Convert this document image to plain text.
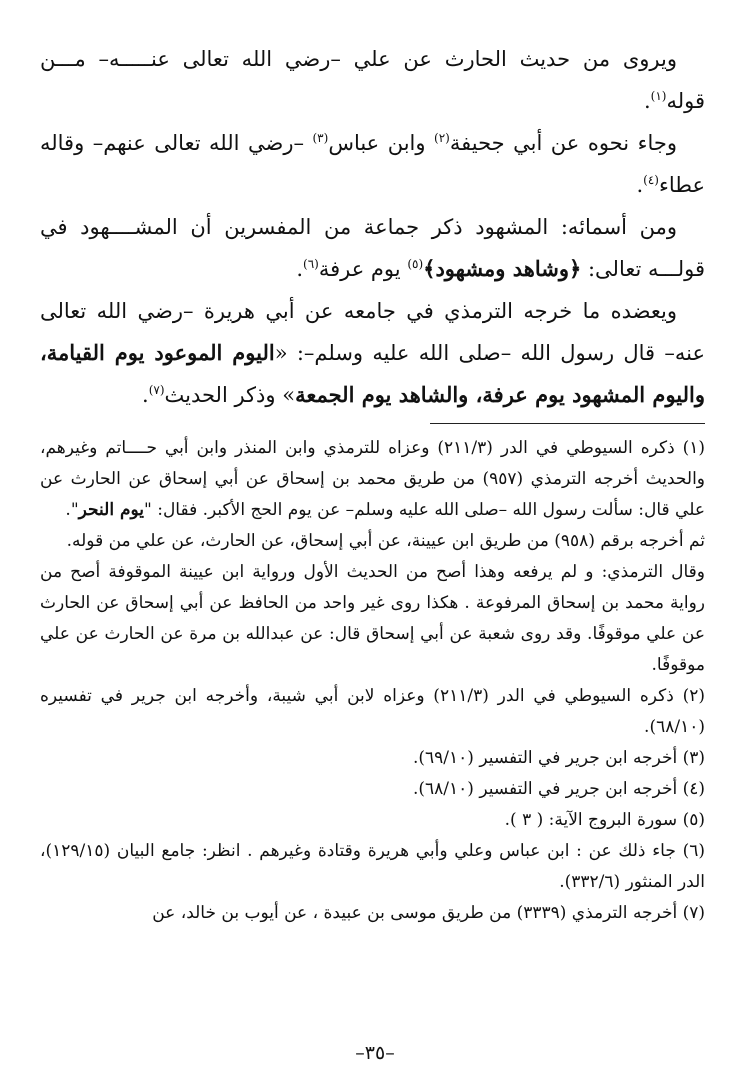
ويروى من حديث الحارث عن علي –رضي الله تعالى عنـــــه– مـــن قوله$^{(١)}$.

وجاء نحوه عن أبي جحيفة$^{(٢)}$ وابن عباس$^{(٣)}$ –رضي الله تعالى عنهم– وقاله عطاء$^{(٤)}$.

ومن أسمائه: المشهود ذكر جماعة من المفسرين أن المشــــهود في قولـــه تعالى: ﴿وشاهد ومشهود﴾$^{(٥)}$ يوم عرفة$^{(٦)}$.

ويعضده ما خرجه الترمذي في جامعه عن أبي هريرة –رضي الله تعالى عنه– قال رسول الله –صلى الله عليه وسلم–: «اليوم الموعود يوم القيامة، واليوم المشهود يوم عرفة، والشاهد يوم الجمعة» وذكر الحديث$^{(٧)}$.

(١) ذكره السيوطي في الدر (٢١١/٣) وعزاه للترمذي وابن المنذر وابن أبي حــــاتم وغيرهم، والحديث أخرجه الترمذي (٩٥٧) من طريق محمد بن إسحاق عن أبي إسحاق عن الحارث عن علي قال: سألت رسول الله –صلى الله عليه وسلم– عن يوم الحج الأكبر. فقال: "يوم النحر".

ثم أخرجه برقم (٩٥٨) من طريق ابن عيينة، عن أبي إسحاق، عن الحارث، عن علي من قوله.

وقال الترمذي: و لم يرفعه وهذا أصح من الحديث الأول ورواية ابن عيينة الموقوفة أصح من رواية محمد بن إسحاق المرفوعة . هكذا روى غير واحد من الحافظ عن أبي إسحاق عن الحارث عن علي موقوفًا. وقد روى شعبة عن أبي إسحاق قال: عن عبدالله بن مرة عن الحارث عن علي موقوفًا.

(٢) ذكره السيوطي في الدر (٢١١/٣) وعزاه لابن أبي شيبة، وأخرجه ابن جرير في تفسيره (٦٨/١٠).

(٣) أخرجه ابن جرير في التفسير (٦٩/١٠).

(٤) أخرجه ابن جرير في التفسير (٦٨/١٠).

(٥) سورة البروج الآية: ( ٣ ).

(٦) جاء ذلك عن : ابن عباس وعلي وأبي هريرة وقتادة وغيرهم . انظر: جامع البيان (١٢٩/١٥)، الدر المنثور (٣٣٢/٦).

(٧) أخرجه الترمذي (٣٣٣٩) من طريق موسى بن عبيدة ، عن أيوب بن خالد، عن

–٣٥–
